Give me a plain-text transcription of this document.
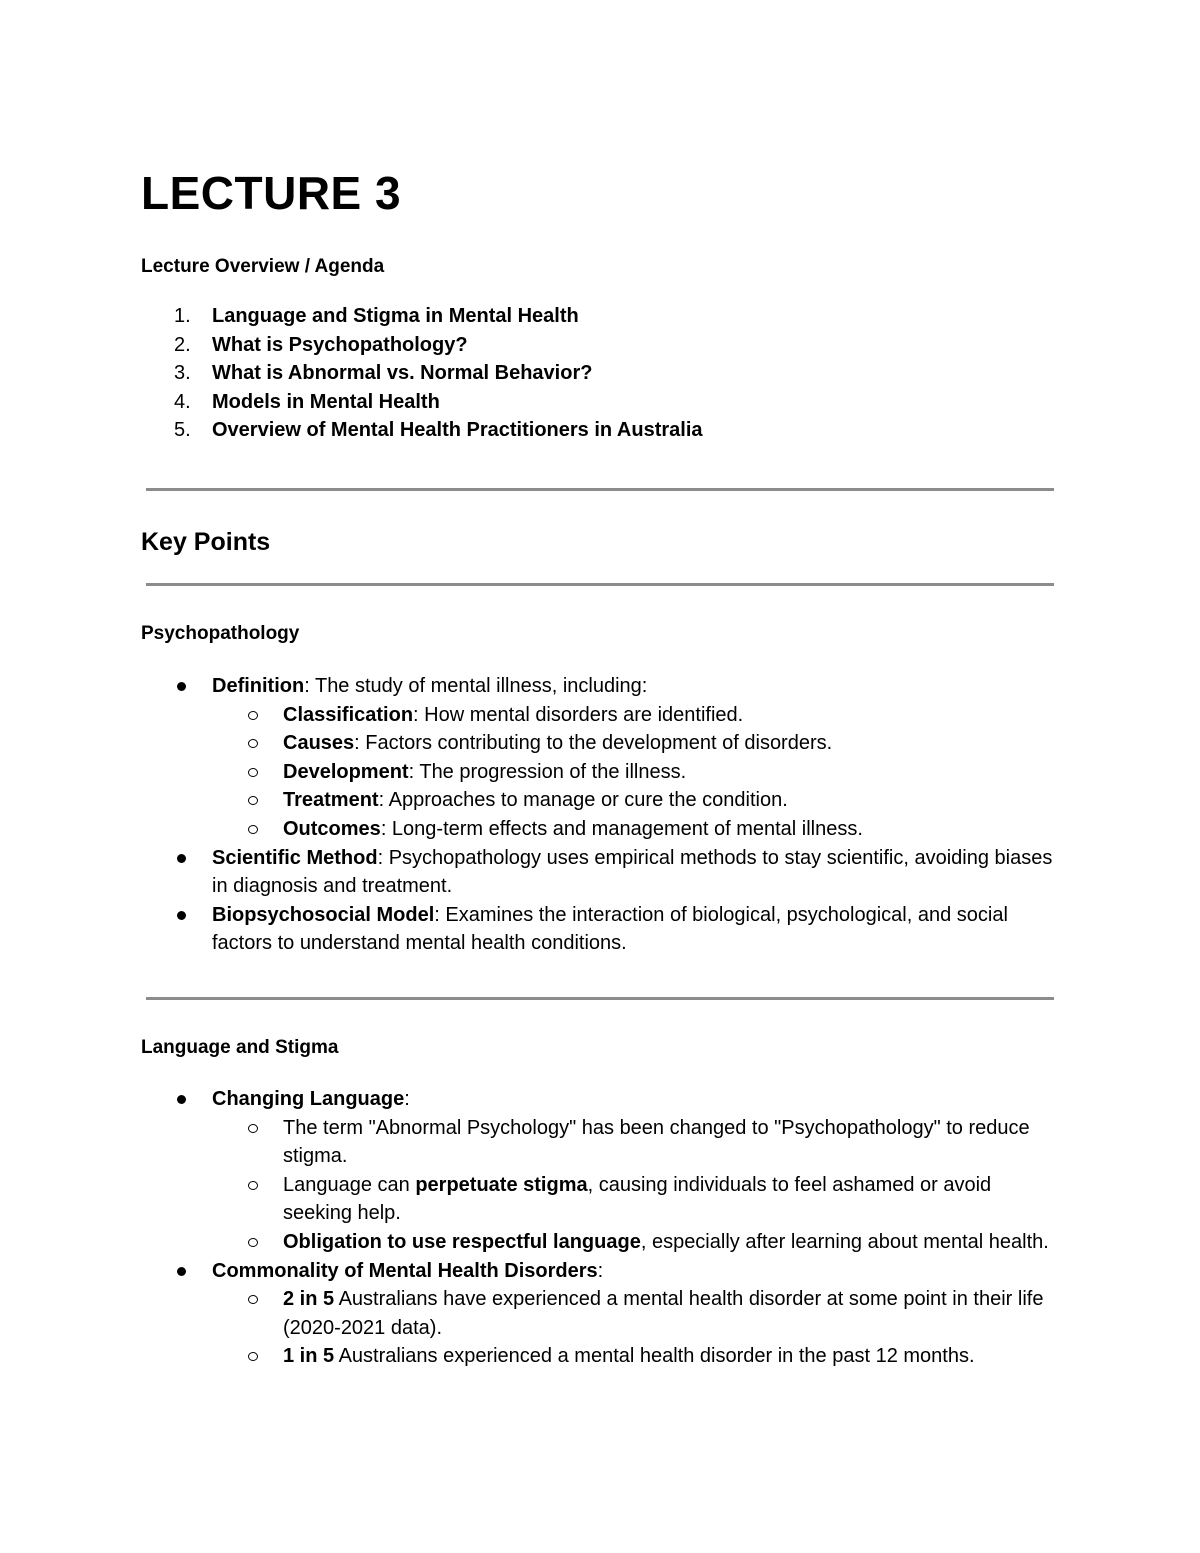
LECTURE 3
Lecture Overview / Agenda
1.	Language and Stigma in Mental Health
2.	What is Psychopathology?
3.	What is Abnormal vs. Normal Behavior?
4.	Models in Mental Health
5.	Overview of Mental Health Practitioners in Australia
Key Points
Psychopathology
Definition: The study of mental illness, including:
Classification: How mental disorders are identified.
Causes: Factors contributing to the development of disorders.
Development: The progression of the illness.
Treatment: Approaches to manage or cure the condition.
Outcomes: Long-term effects and management of mental illness.
Scientific Method: Psychopathology uses empirical methods to stay scientific, avoiding biases in diagnosis and treatment.
Biopsychosocial Model: Examines the interaction of biological, psychological, and social factors to understand mental health conditions.
Language and Stigma
Changing Language:
The term "Abnormal Psychology" has been changed to "Psychopathology" to reduce stigma.
Language can perpetuate stigma, causing individuals to feel ashamed or avoid seeking help.
Obligation to use respectful language, especially after learning about mental health.
Commonality of Mental Health Disorders:
2 in 5 Australians have experienced a mental health disorder at some point in their life (2020-2021 data).
1 in 5 Australians experienced a mental health disorder in the past 12 months.
